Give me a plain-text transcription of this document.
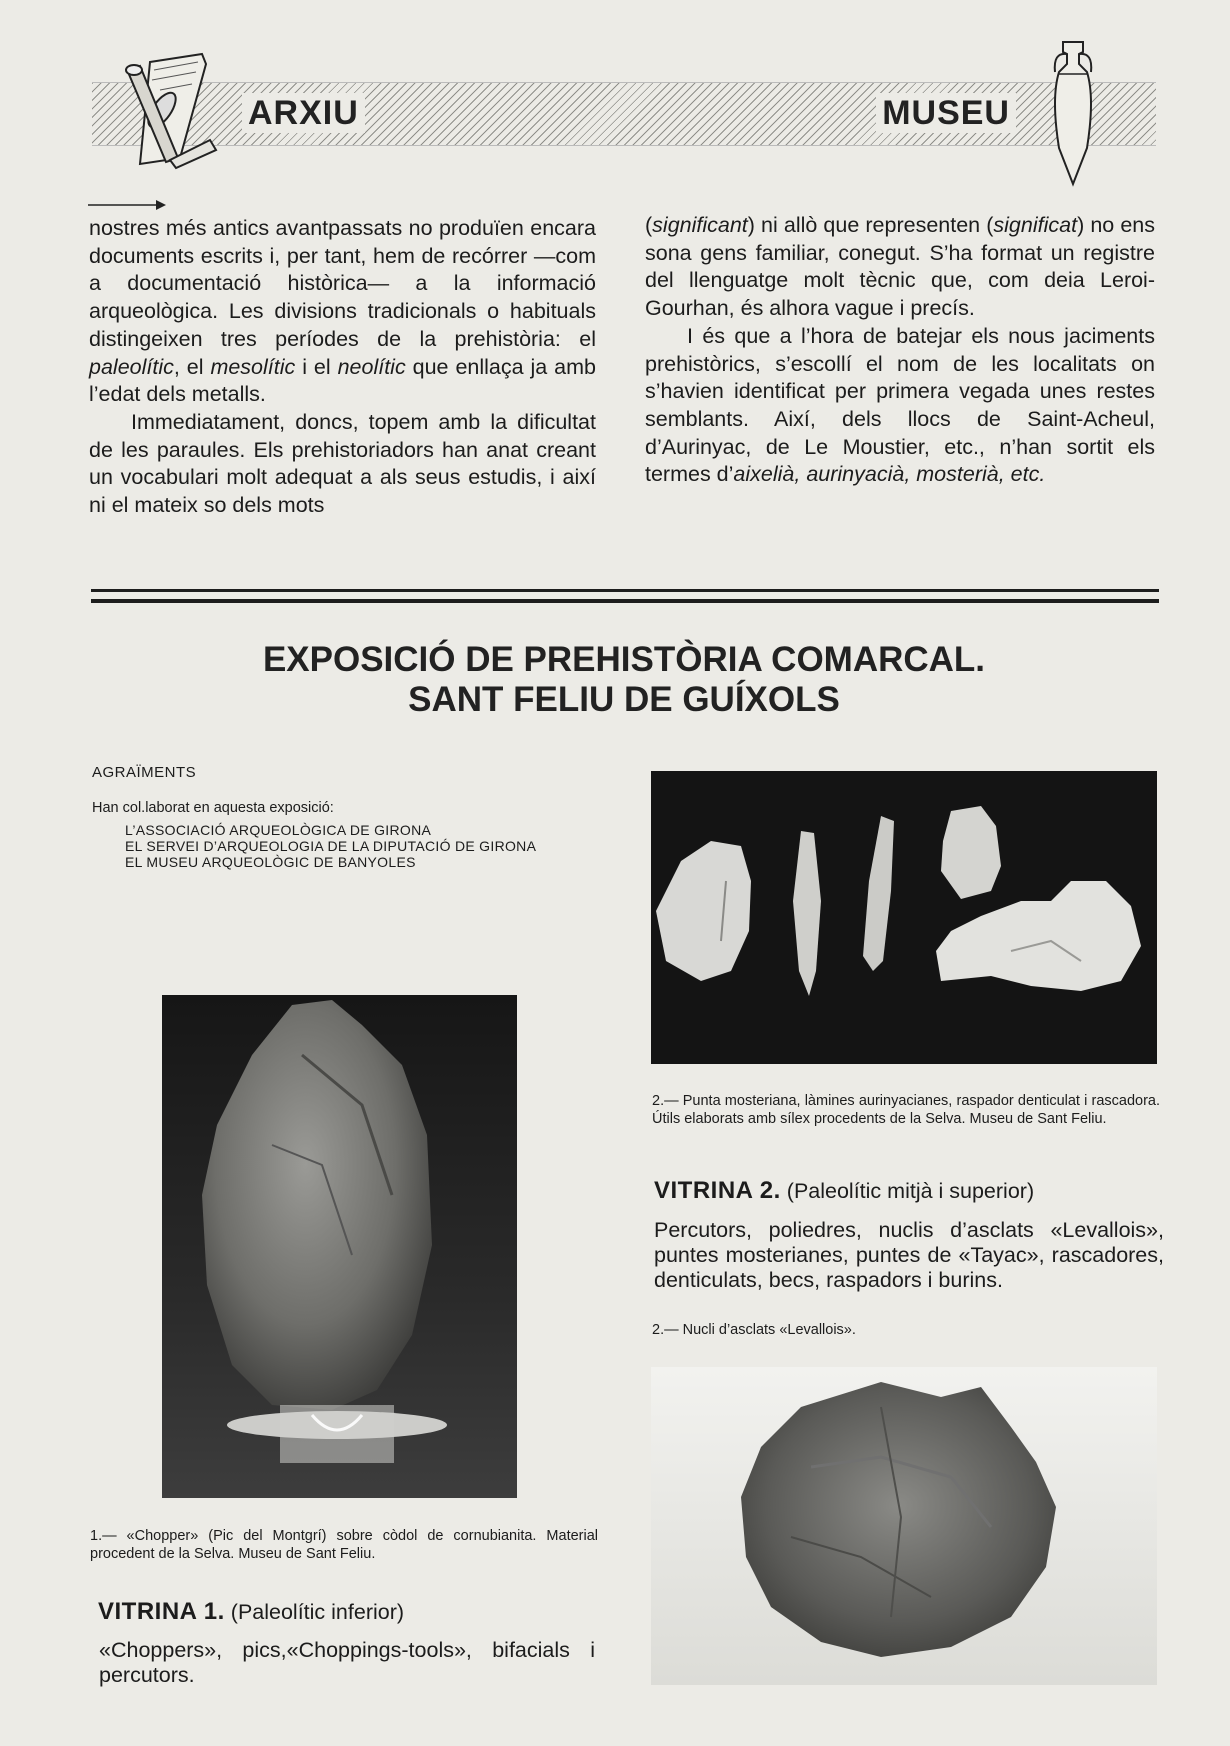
ARXIU	MUSEU

nostres més antics avantpassats no produïen encara documents escrits i, per tant, hem de recórrer —com a documentació històrica— a la informació arqueològica. Les divisions tradicionals o habituals distingeixen tres períodes de la prehistòria: el paleolític, el mesolític i el neolític que enllaça ja amb l’edat dels metalls.

Immediatament, doncs, topem amb la dificultat de les paraules. Els prehistoriadors han anat creant un vocabulari molt adequat a als seus estudis, i així ni el mateix so dels mots

(significant) ni allò que representen (significat) no ens sona gens familiar, conegut. S’ha format un registre del llenguatge molt tècnic que, com deia Leroi-Gourhan, és alhora vague i precís.

I és que a l’hora de batejar els nous jaciments prehistòrics, s’escollí el nom de les localitats on s’havien identificat per primera vegada unes restes semblants. Així, dels llocs de Saint-Acheul, d’Aurinyac, de Le Moustier, etc., n’han sortit els termes d’aixelià, aurinyacià, mosterià, etc.

EXPOSICIÓ DE PREHISTÒRIA COMARCAL.
SANT FELIU DE GUÍXOLS
AGRAÏMENTS
Han col.laborat en aquesta exposició:
L’ASSOCIACIÓ ARQUEOLÒGICA DE GIRONA
EL SERVEI D’ARQUEOLOGIA DE LA DIPUTACIÓ DE GIRONA
EL MUSEU ARQUEOLÒGIC DE BANYOLES
1.— «Chopper» (Pic del Montgrí) sobre còdol de cornubianita. Material procedent de la Selva. Museu de Sant Feliu.
2.— Punta mosteriana, làmines aurinyacianes, raspador denticulat i rascadora. Útils elaborats amb sílex procedents de la Selva. Museu de Sant Feliu.
2.— Nucli d’asclats «Levallois».
VITRINA 1. (Paleolític inferior)
«Choppers», pics,«Choppings-tools», bifacials i percutors.
VITRINA 2. (Paleolític mitjà i superior)
Percutors, poliedres, nuclis d’asclats «Levallois», puntes mosterianes, puntes de «Tayac», rascadores, denticulats, becs, raspadors i burins.
